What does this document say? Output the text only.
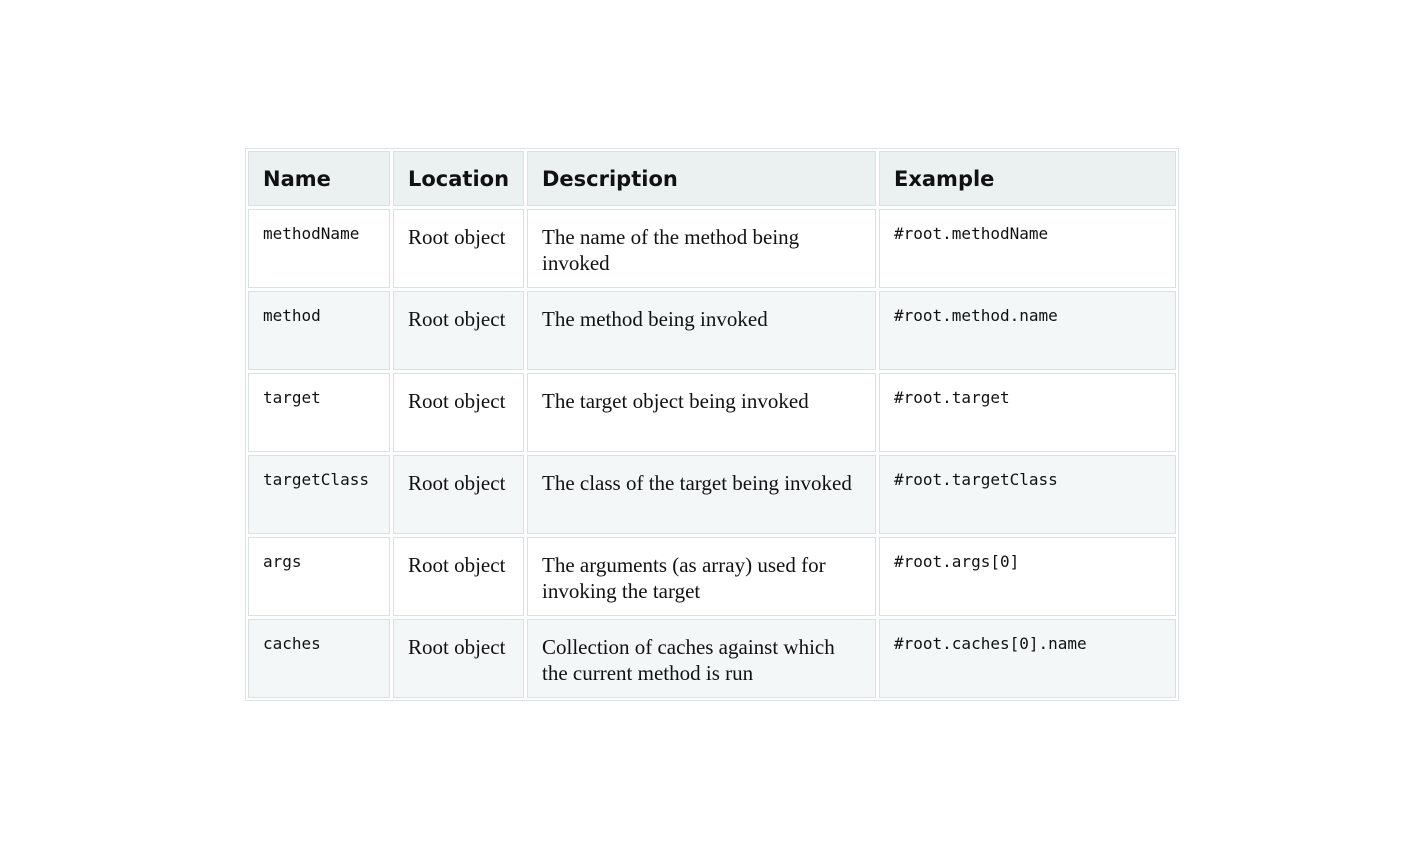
Name	Location	Description	Example
methodName	Root object	The name of the method being invoked	#root.methodName
method	Root object	The method being invoked	#root.method.name
target	Root object	The target object being invoked	#root.target
targetClass	Root object	The class of the target being invoked	#root.targetClass
args	Root object	The arguments (as array) used for invoking the target	#root.args[0]
caches	Root object	Collection of caches against which the current method is run	#root.caches[0].name
